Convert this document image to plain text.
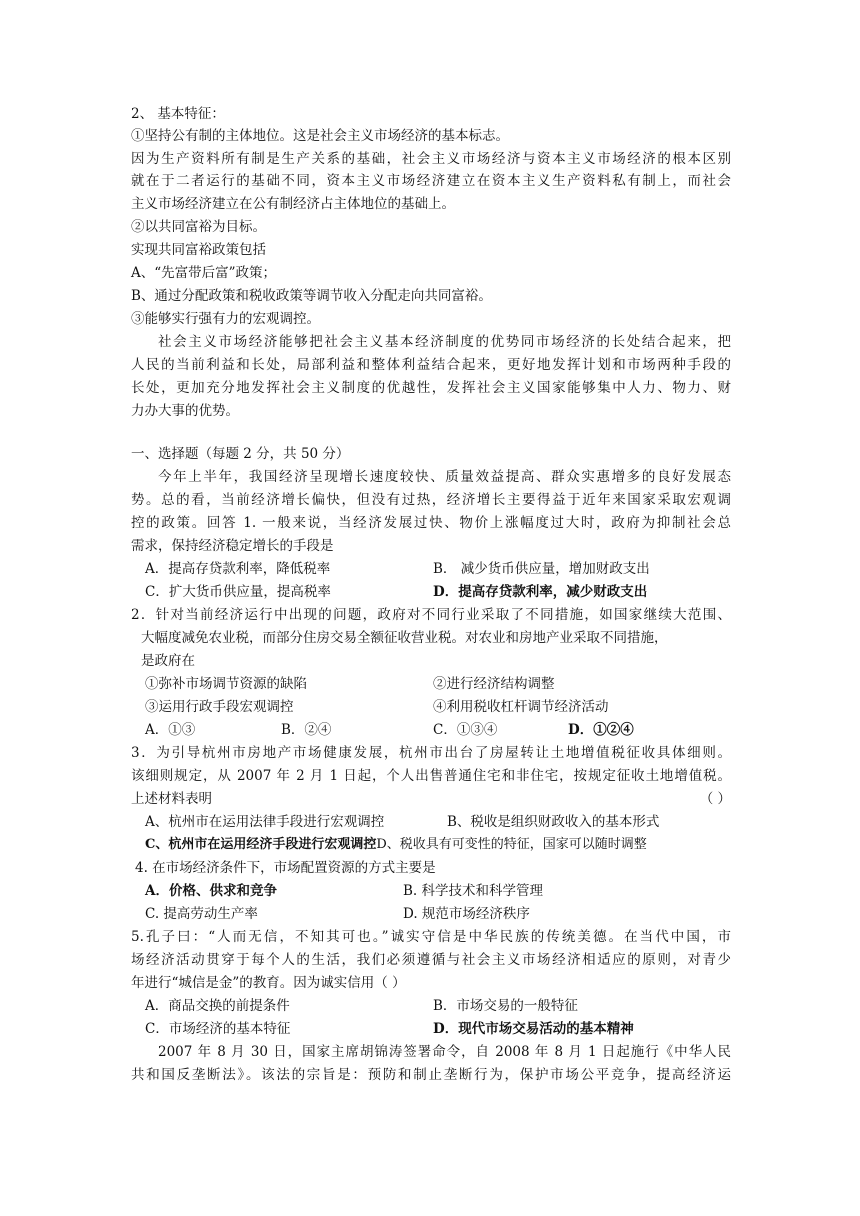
2、 基本特征：
①坚持公有制的主体地位。这是社会主义市场经济的基本标志。
因为生产资料所有制是生产关系的基础，社会主义市场经济与资本主义市场经济的根本区别
就在于二者运行的基础不同，资本主义市场经济建立在资本主义生产资料私有制上，而社会
主义市场经济建立在公有制经济占主体地位的基础上。
②以共同富裕为目标。
实现共同富裕政策包括
A、“先富带后富”政策；
B、通过分配政策和税收政策等调节收入分配走向共同富裕。
③能够实行强有力的宏观调控。
社会主义市场经济能够把社会主义基本经济制度的优势同市场经济的长处结合起来，把
人民的当前利益和长处，局部利益和整体利益结合起来，更好地发挥计划和市场两种手段的
长处，更加充分地发挥社会主义制度的优越性，发挥社会主义国家能够集中人力、物力、财
力办大事的优势。
一、选择题（每题 2 分，共 50 分）
今年上半年，我国经济呈现增长速度较快、质量效益提高、群众实惠增多的良好发展态
势。总的看，当前经济增长偏快，但没有过热，经济增长主要得益于近年来国家采取宏观调
控的政策。回答 1. 一般来说，当经济发展过快、物价上涨幅度过大时，政府为抑制社会总
需求，保持经济稳定增长的手段是
A．提高存贷款利率，降低税率	B． 减少货币供应量，增加财政支出
C．扩大货币供应量，提高税率	D．提高存贷款利率，减少财政支出
2．针对当前经济运行中出现的问题，政府对不同行业采取了不同措施，如国家继续大范围、
大幅度减免农业税，而部分住房交易全额征收营业税。对农业和房地产业采取不同措施，
是政府在
①弥补市场调节资源的缺陷	②进行经济结构调整
③运用行政手段宏观调控	④利用税收杠杆调节经济活动
A．①③	B．②④	C．①③④	D．①②④
3．为引导杭州市房地产市场健康发展，杭州市出台了房屋转让土地增值税征收具体细则。
该细则规定，从 2007 年 2 月 1 日起，个人出售普通住宅和非住宅，按规定征收土地增值税。
上述材料表明	（ ）
A、杭州市在运用法律手段进行宏观调控	B、税收是组织财政收入的基本形式
C、杭州市在运用经济手段进行宏观调控D、税收具有可变性的特征，国家可以随时调整
4. 在市场经济条件下，市场配置资源的方式主要是
A．价格、供求和竞争	B. 科学技术和科学管理
C. 提高劳动生产率	D. 规范市场经济秩序
5.孔子曰：“人而无信，不知其可也。”诚实守信是中华民族的传统美德。在当代中国，市
场经济活动贯穿于每个人的生活，我们必须遵循与社会主义市场经济相适应的原则，对青少
年进行“城信是金”的教育。因为诚实信用（ ）
A．商品交换的前提条件	B．市场交易的一般特征
C．市场经济的基本特征	D．现代市场交易活动的基本精神
2007 年 8 月 30 日，国家主席胡锦涛签署命令，自 2008 年 8 月 1 日起施行《中华人民
共和国反垄断法》。该法的宗旨是：预防和制止垄断行为，保护市场公平竞争，提高经济运
